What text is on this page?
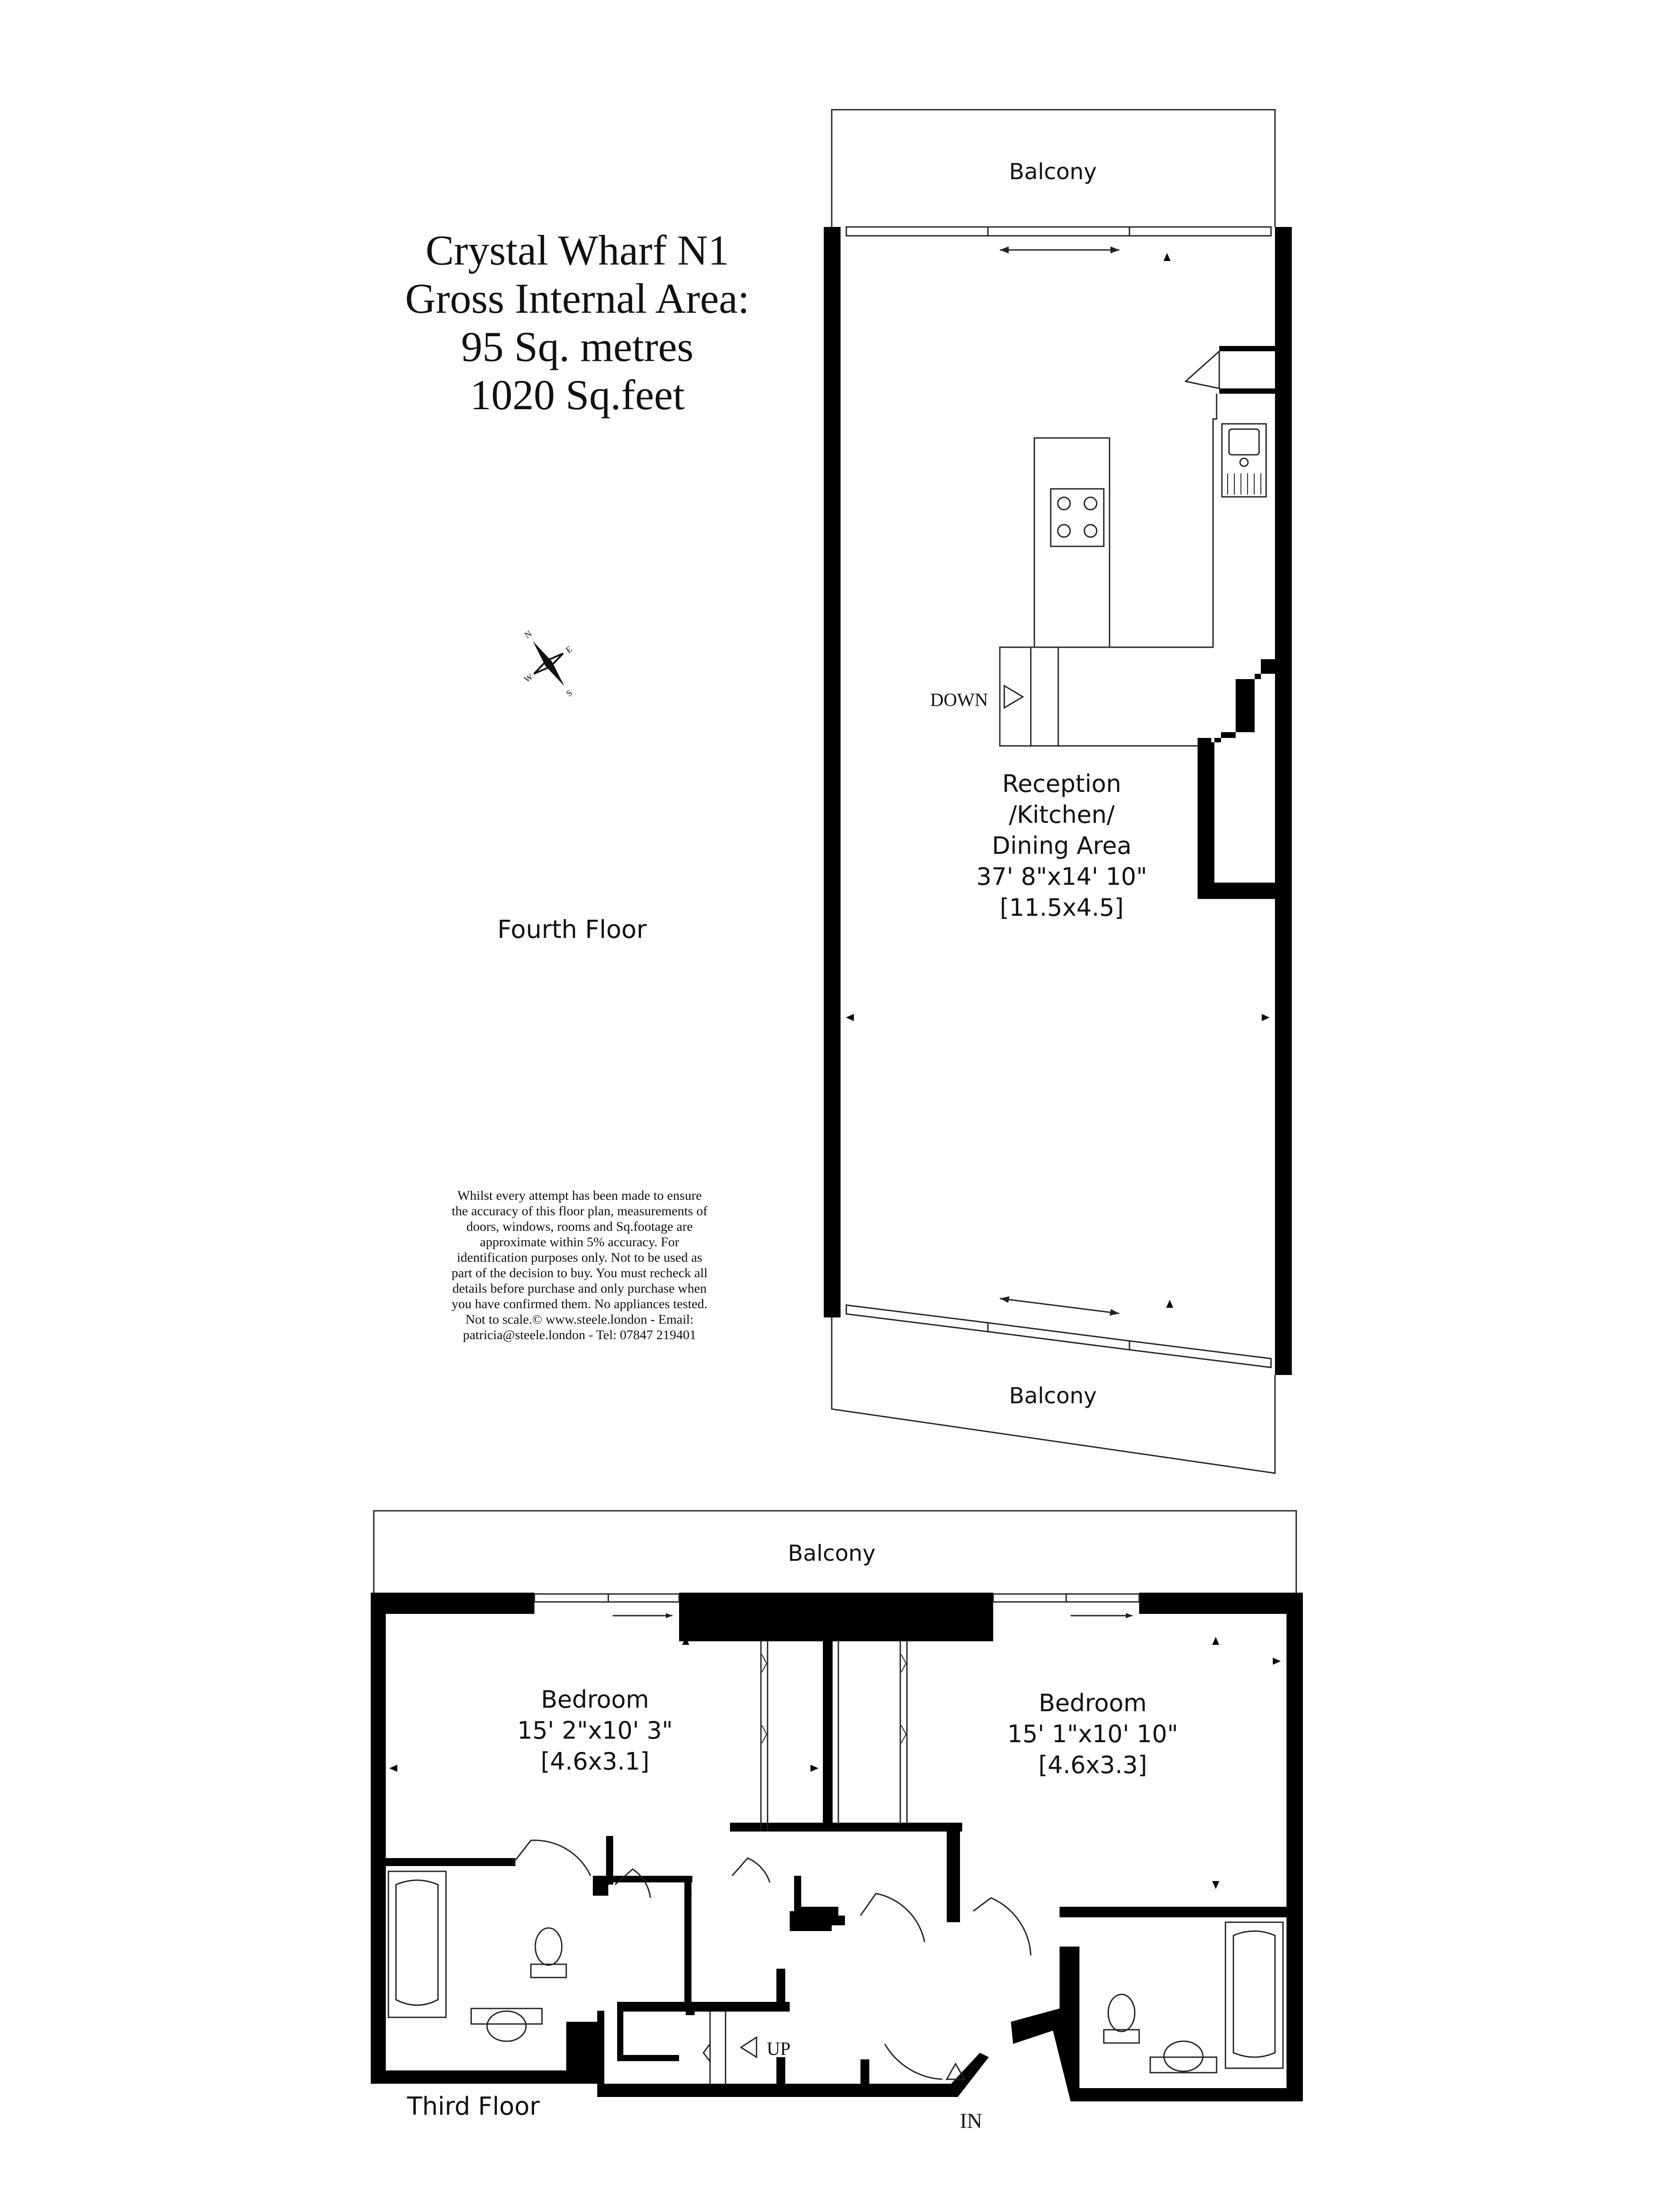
Crystal Wharf N1
Gross Internal Area:
95 Sq. metres
1020 Sq.feet
N
S
E
W
Fourth Floor
Whilst every attempt has been made to ensure
the accuracy of this floor plan, measurements of
doors, windows, rooms and Sq.footage are
approximate within 5% accuracy. For
identification purposes only. Not to be used as
part of the decision to buy. You must recheck all
details before purchase and only purchase when
you have confirmed them. No appliances tested.
Not to scale.© www.steele.london - Email:
patricia@steele.london - Tel: 07847 219401
Balcony
DOWN
Reception
/Kitchen/
Dining Area
37' 8"x14' 10"
[11.5x4.5]
Balcony
Balcony
UP
IN
Bedroom
15' 2"x10' 3"
[4.6x3.1]
Bedroom
15' 1"x10' 10"
[4.6x3.3]
Third Floor
